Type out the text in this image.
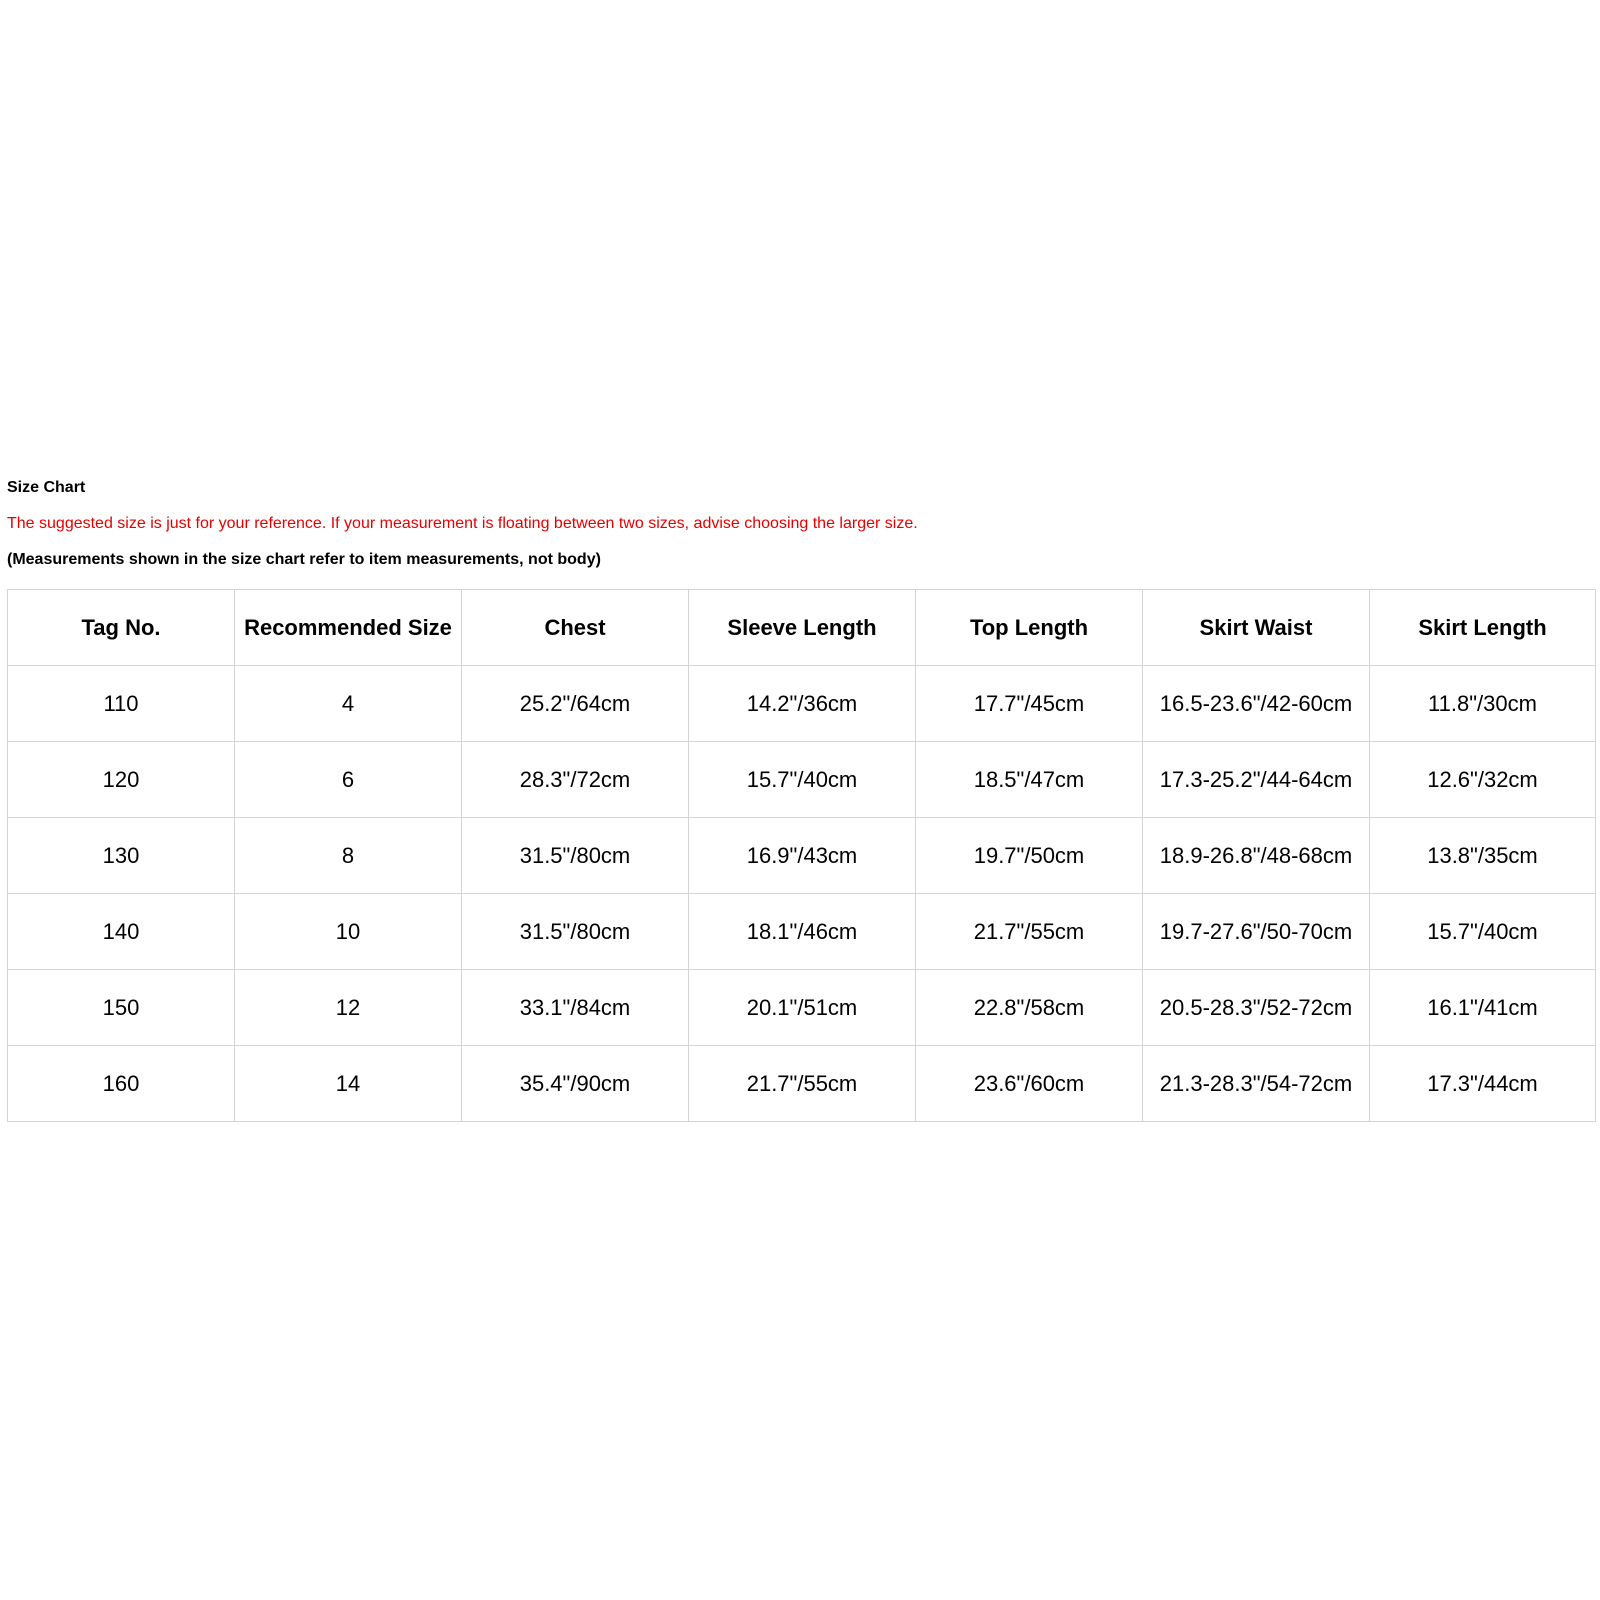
Size Chart
The suggested size is just for your reference. If your measurement is floating between two sizes, advise choosing the larger size.
(Measurements shown in the size chart refer to item measurements, not body)
Tag No.	Recommended Size	Chest	Sleeve Length	Top Length	Skirt Waist	Skirt Length
110	4	25.2"/64cm	14.2"/36cm	17.7"/45cm	16.5-23.6"/42-60cm	11.8"/30cm
120	6	28.3"/72cm	15.7"/40cm	18.5"/47cm	17.3-25.2"/44-64cm	12.6"/32cm
130	8	31.5"/80cm	16.9"/43cm	19.7"/50cm	18.9-26.8"/48-68cm	13.8"/35cm
140	10	31.5"/80cm	18.1"/46cm	21.7"/55cm	19.7-27.6"/50-70cm	15.7"/40cm
150	12	33.1"/84cm	20.1"/51cm	22.8"/58cm	20.5-28.3"/52-72cm	16.1"/41cm
160	14	35.4"/90cm	21.7"/55cm	23.6"/60cm	21.3-28.3"/54-72cm	17.3"/44cm
